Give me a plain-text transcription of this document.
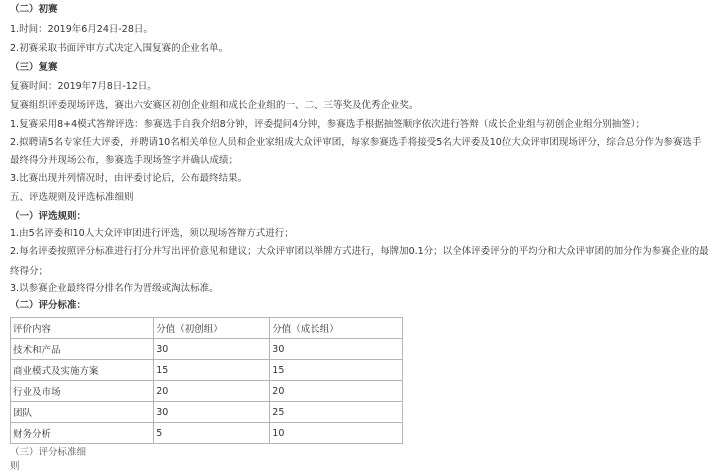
（二）初赛
1.时间：2019年6月24日-28日。
2.初赛采取书面评审方式决定入围复赛的企业名单。
（三）复赛
复赛时间：2019年7月8日-12日。
复赛组织评委现场评选，赛出六安赛区初创企业组和成长企业组的一、二、三等奖及优秀企业奖。
1.复赛采用8+4模式答辩评选：参赛选手自我介绍8分钟，评委提问4分钟，参赛选手根据抽签顺序依次进行答辩（成长企业组与初创企业组分别抽签）；
2.拟聘请5名专家任大评委，并聘请10名相关单位人员和企业家组成大众评审团，每家参赛选手将接受5名大评委及10位大众评审团现场评分，综合总分作为参赛选手最终得分并现场公布，参赛选手现场签字并确认成绩；
3.比赛出现并列情况时，由评委讨论后，公布最终结果。
五、评选规则及评选标准细则
（一）评选规则：
1.由5名评委和10人大众评审团进行评选，须以现场答辩方式进行；
2.每名评委按照评分标准进行打分并写出评价意见和建议；大众评审团以举牌方式进行，每牌加0.1分；以全体评委评分的平均分和大众评审团的加分作为参赛企业的最终得分；
3.以参赛企业最终得分排名作为晋级或淘汰标准。
（二）评分标准：
评价内容	分值（初创组）	分值（成长组）
技术和产品	30	30
商业模式及实施方案	15	15
行业及市场	20	20
团队	30	25
财务分析	5	10
（三）评分标准细则
